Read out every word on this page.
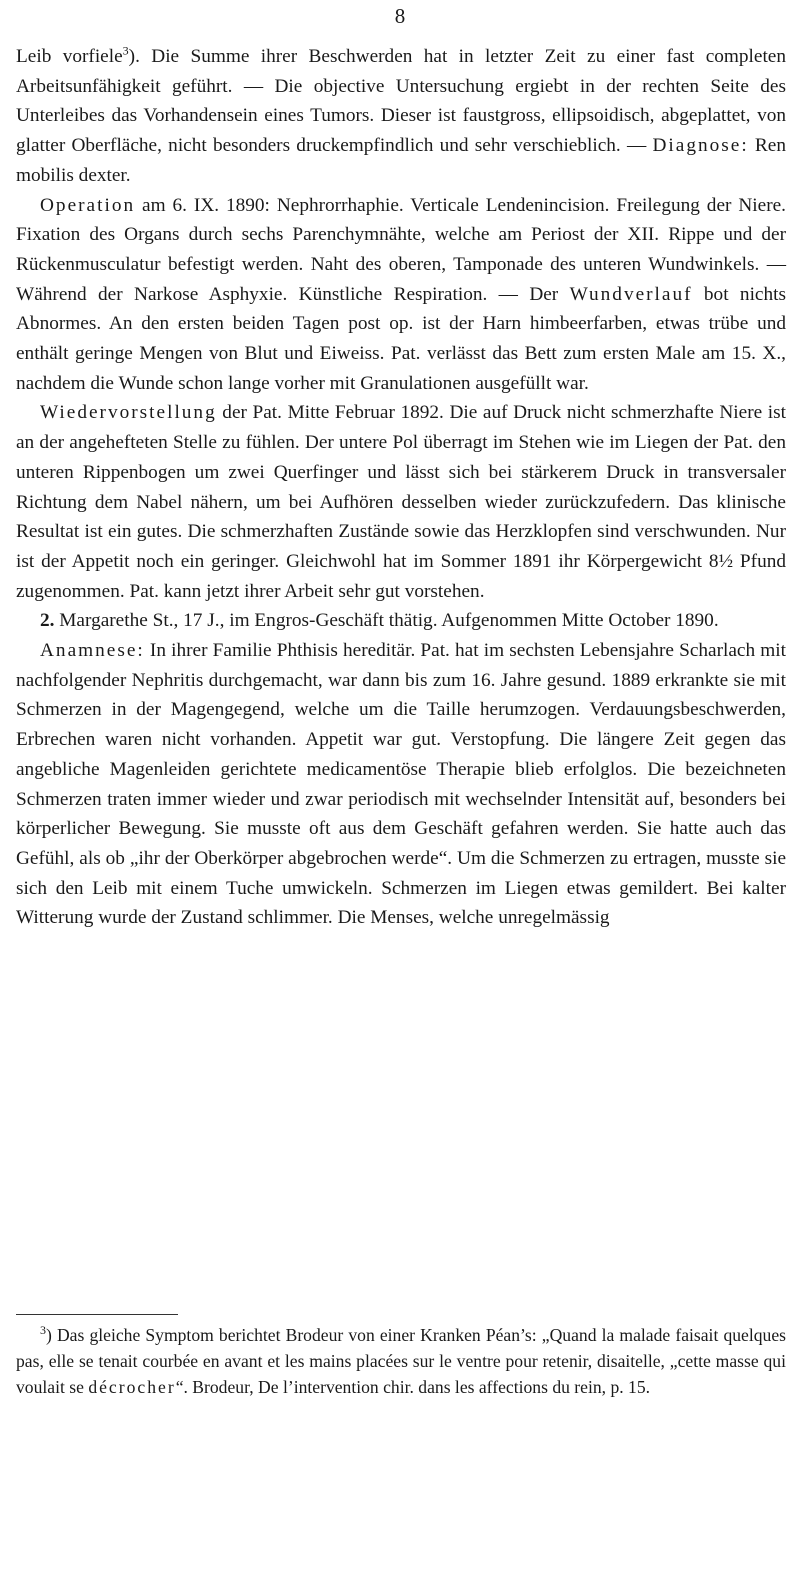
8

Leib vorfiele$^3$). Die Summe ihrer Beschwerden hat in letzter Zeit zu einer fast completen Arbeitsunfähigkeit geführt. — Die objective Untersuchung ergiebt in der rechten Seite des Unterleibes das Vorhandensein eines Tumors. Dieser ist faustgross, ellipsoidisch, abgeplattet, von glatter Oberfläche, nicht besonders druckempfindlich und sehr verschieblich. — Diagnose: Ren mobilis dexter.

Operation am 6. IX. 1890: Nephrorrhaphie. Verticale Lendenincision. Freilegung der Niere. Fixation des Organs durch sechs Parenchymnähte, welche am Periost der XII. Rippe und der Rückenmusculatur befestigt werden. Naht des oberen, Tamponade des unteren Wundwinkels. — Während der Narkose Asphyxie. Künstliche Respiration. — Der Wundverlauf bot nichts Abnormes. An den ersten beiden Tagen post op. ist der Harn himbeerfarben, etwas trübe und enthält geringe Mengen von Blut und Eiweiss. Pat. verlässt das Bett zum ersten Male am 15. X., nachdem die Wunde schon lange vorher mit Granulationen ausgefüllt war.

Wiedervorstellung der Pat. Mitte Februar 1892. Die auf Druck nicht schmerzhafte Niere ist an der angehefteten Stelle zu fühlen. Der untere Pol überragt im Stehen wie im Liegen der Pat. den unteren Rippenbogen um zwei Querfinger und lässt sich bei stärkerem Druck in transversaler Richtung dem Nabel nähern, um bei Aufhören desselben wieder zurückzufedern. Das klinische Resultat ist ein gutes. Die schmerzhaften Zustände sowie das Herzklopfen sind verschwunden. Nur ist der Appetit noch ein geringer. Gleichwohl hat im Sommer 1891 ihr Körpergewicht 8½ Pfund zugenommen. Pat. kann jetzt ihrer Arbeit sehr gut vorstehen.

2. Margarethe St., 17 J., im Engros-Geschäft thätig. Aufgenommen Mitte October 1890.

Anamnese: In ihrer Familie Phthisis hereditär. Pat. hat im sechsten Lebensjahre Scharlach mit nachfolgender Nephritis durchgemacht, war dann bis zum 16. Jahre gesund. 1889 erkrankte sie mit Schmerzen in der Magengegend, welche um die Taille herumzogen. Verdauungsbeschwerden, Erbrechen waren nicht vorhanden. Appetit war gut. Verstopfung. Die längere Zeit gegen das angebliche Magenleiden gerichtete medicamentöse Therapie blieb erfolglos. Die bezeichneten Schmerzen traten immer wieder und zwar periodisch mit wechselnder Intensität auf, besonders bei körperlicher Bewegung. Sie musste oft aus dem Geschäft gefahren werden. Sie hatte auch das Gefühl, als ob „ihr der Oberkörper abgebrochen werde“. Um die Schmerzen zu ertragen, musste sie sich den Leib mit einem Tuche umwickeln. Schmerzen im Liegen etwas gemildert. Bei kalter Witterung wurde der Zustand schlimmer. Die Menses, welche unregelmässig

$^3$) Das gleiche Symptom berichtet Brodeur von einer Kranken Péan’s: „Quand la malade faisait quelques pas, elle se tenait courbée en avant et les mains placées sur le ventre pour retenir, disaitelle, „cette masse qui voulait se décrocher“. Brodeur, De l’intervention chir. dans les affections du rein, p. 15.
